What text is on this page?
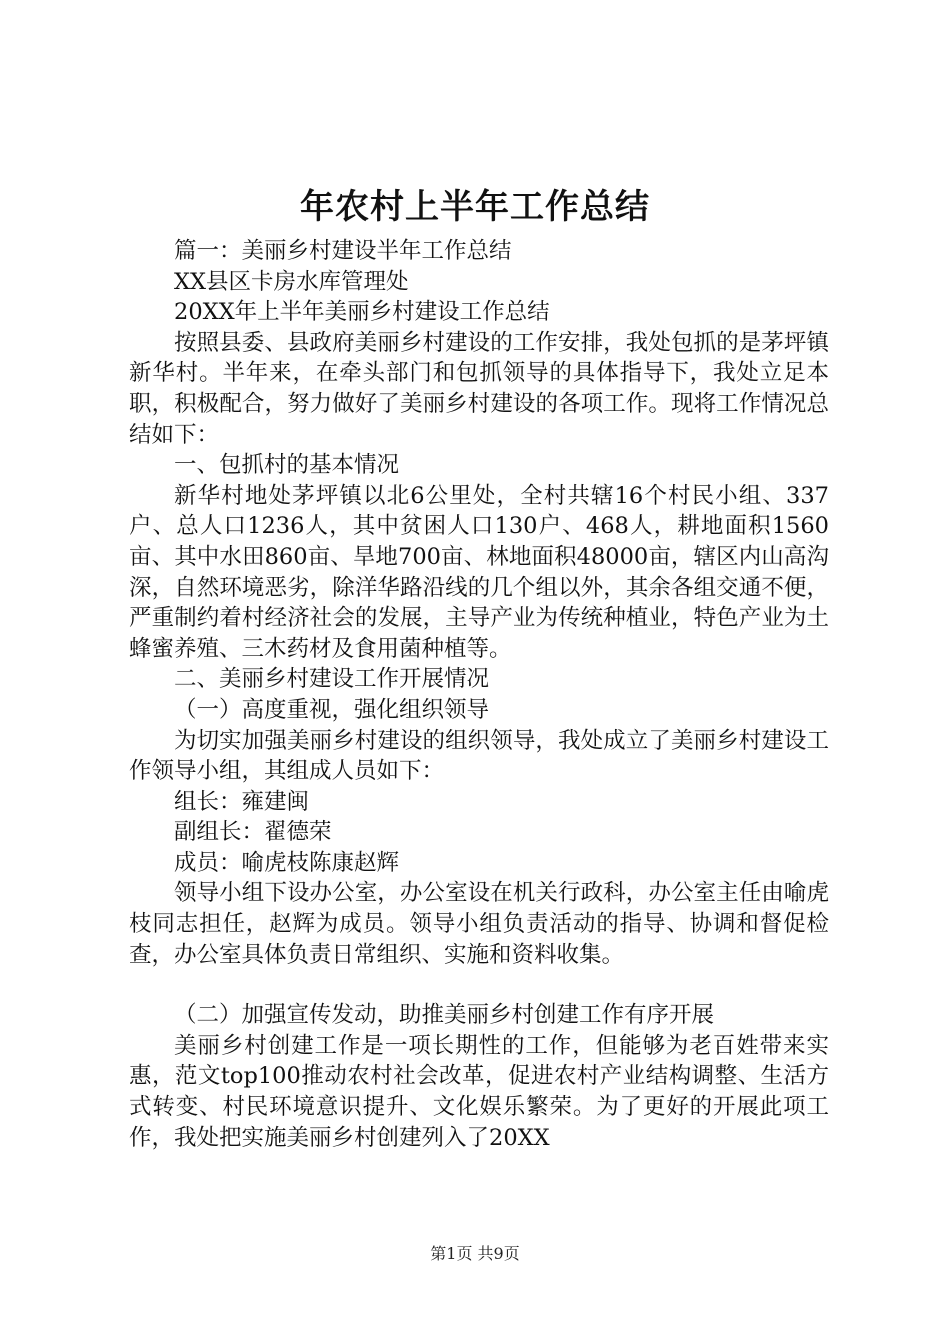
年农村上半年工作总结

篇一：美丽乡村建设半年工作总结

XX县区卡房水库管理处

20XX年上半年美丽乡村建设工作总结

按照县委、县政府美丽乡村建设的工作安排，我处包抓的是茅坪镇新华村。半年来，在牵头部门和包抓领导的具体指导下，我处立足本职，积极配合，努力做好了美丽乡村建设的各项工作。现将工作情况总结如下：

一、包抓村的基本情况

新华村地处茅坪镇以北6公里处，全村共辖16个村民小组、337户、总人口1236人，其中贫困人口130户、468人，耕地面积1560亩、其中水田860亩、旱地700亩、林地面积48000亩，辖区内山高沟深，自然环境恶劣，除洋华路沿线的几个组以外，其余各组交通不便，严重制约着村经济社会的发展，主导产业为传统种植业，特色产业为土蜂蜜养殖、三木药材及食用菌种植等。

二、美丽乡村建设工作开展情况

（一）高度重视，强化组织领导

为切实加强美丽乡村建设的组织领导，我处成立了美丽乡村建设工作领导小组，其组成人员如下：

组长：雍建闽

副组长：翟德荣

成员：喻虎枝陈康赵辉

领导小组下设办公室，办公室设在机关行政科，办公室主任由喻虎枝同志担任，赵辉为成员。领导小组负责活动的指导、协调和督促检查，办公室具体负责日常组织、实施和资料收集。

（二）加强宣传发动，助推美丽乡村创建工作有序开展

美丽乡村创建工作是一项长期性的工作，但能够为老百姓带来实惠，范文top100推动农村社会改革，促进农村产业结构调整、生活方式转变、村民环境意识提升、文化娱乐繁荣。为了更好的开展此项工作，我处把实施美丽乡村创建列入了20XX

第1页 共9页
